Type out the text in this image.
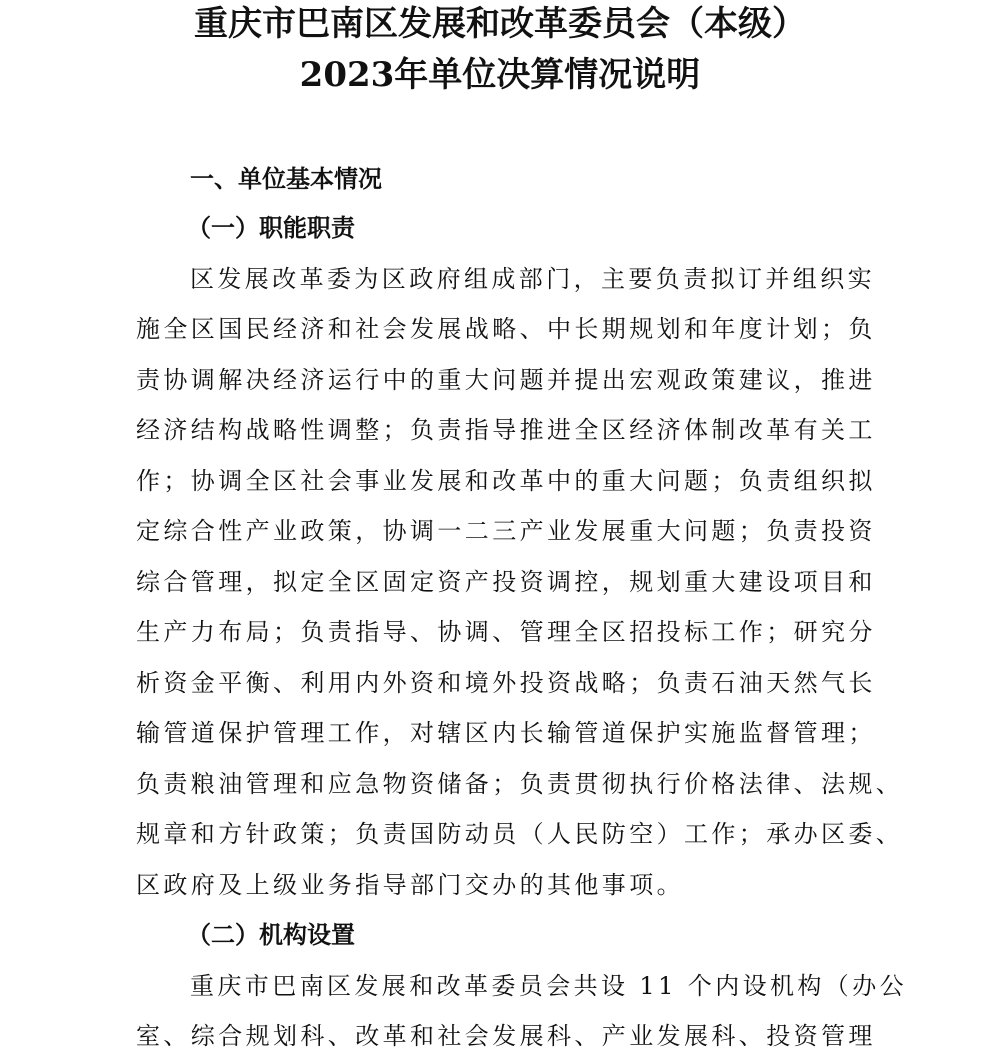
重庆市巴南区发展和改革委员会（本级）
2023年单位决算情况说明
一、单位基本情况
（一）职能职责

区发展改革委为区政府组成部门，主要负责拟订并组织实

施全区国民经济和社会发展战略、中长期规划和年度计划；负

责协调解决经济运行中的重大问题并提出宏观政策建议，推进

经济结构战略性调整；负责指导推进全区经济体制改革有关工

作；协调全区社会事业发展和改革中的重大问题；负责组织拟

定综合性产业政策，协调一二三产业发展重大问题；负责投资

综合管理，拟定全区固定资产投资调控，规划重大建设项目和

生产力布局；负责指导、协调、管理全区招投标工作；研究分

析资金平衡、利用内外资和境外投资战略；负责石油天然气长

输管道保护管理工作，对辖区内长输管道保护实施监督管理；

负责粮油管理和应急物资储备；负责贯彻执行价格法律、法规、

规章和方针政策；负责国防动员（人民防空）工作；承办区委、

区政府及上级业务指导部门交办的其他事项。

（二）机构设置

重庆市巴南区发展和改革委员会共设 11 个内设机构（办公

室、综合规划科、改革和社会发展科、产业发展科、投资管理
